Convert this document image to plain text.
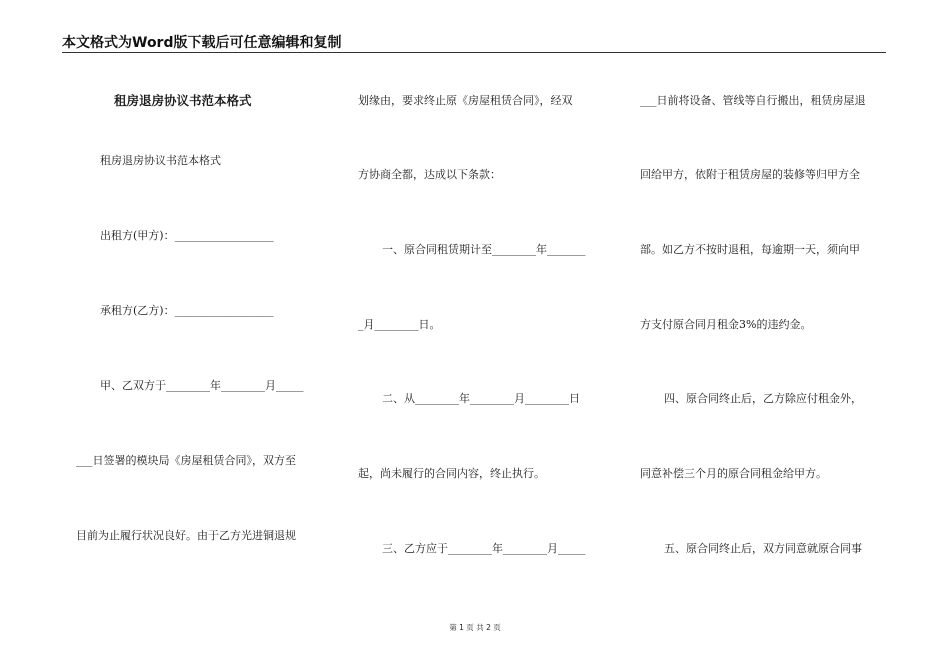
本文格式为Word版下载后可任意编辑和复制
租房退房协议书范本格式
租房退房协议书范本格式
出租方(甲方)：__________________
承租方(乙方)：__________________
甲、乙双方于________年________月_____
___日签署的模块局《房屋租赁合同》，双方至
目前为止履行状况良好。由于乙方光进铜退规
划缘由，要求终止原《房屋租赁合同》，经双
方协商全都，达成以下条款：
一、原合同租赁期计至________年_______
_月________日。
二、从________年________月________日
起，尚未履行的合同内容，终止执行。
三、乙方应于________年________月_____
___日前将设备、管线等自行搬出，租赁房屋退
回给甲方，依附于租赁房屋的装修等归甲方全
部。如乙方不按时退租，每逾期一天，须向甲
方支付原合同月租金3%的违约金。
四、原合同终止后，乙方除应付租金外，
同意补偿三个月的原合同租金给甲方。
五、原合同终止后，双方同意就原合同事
第 1 页 共 2 页
